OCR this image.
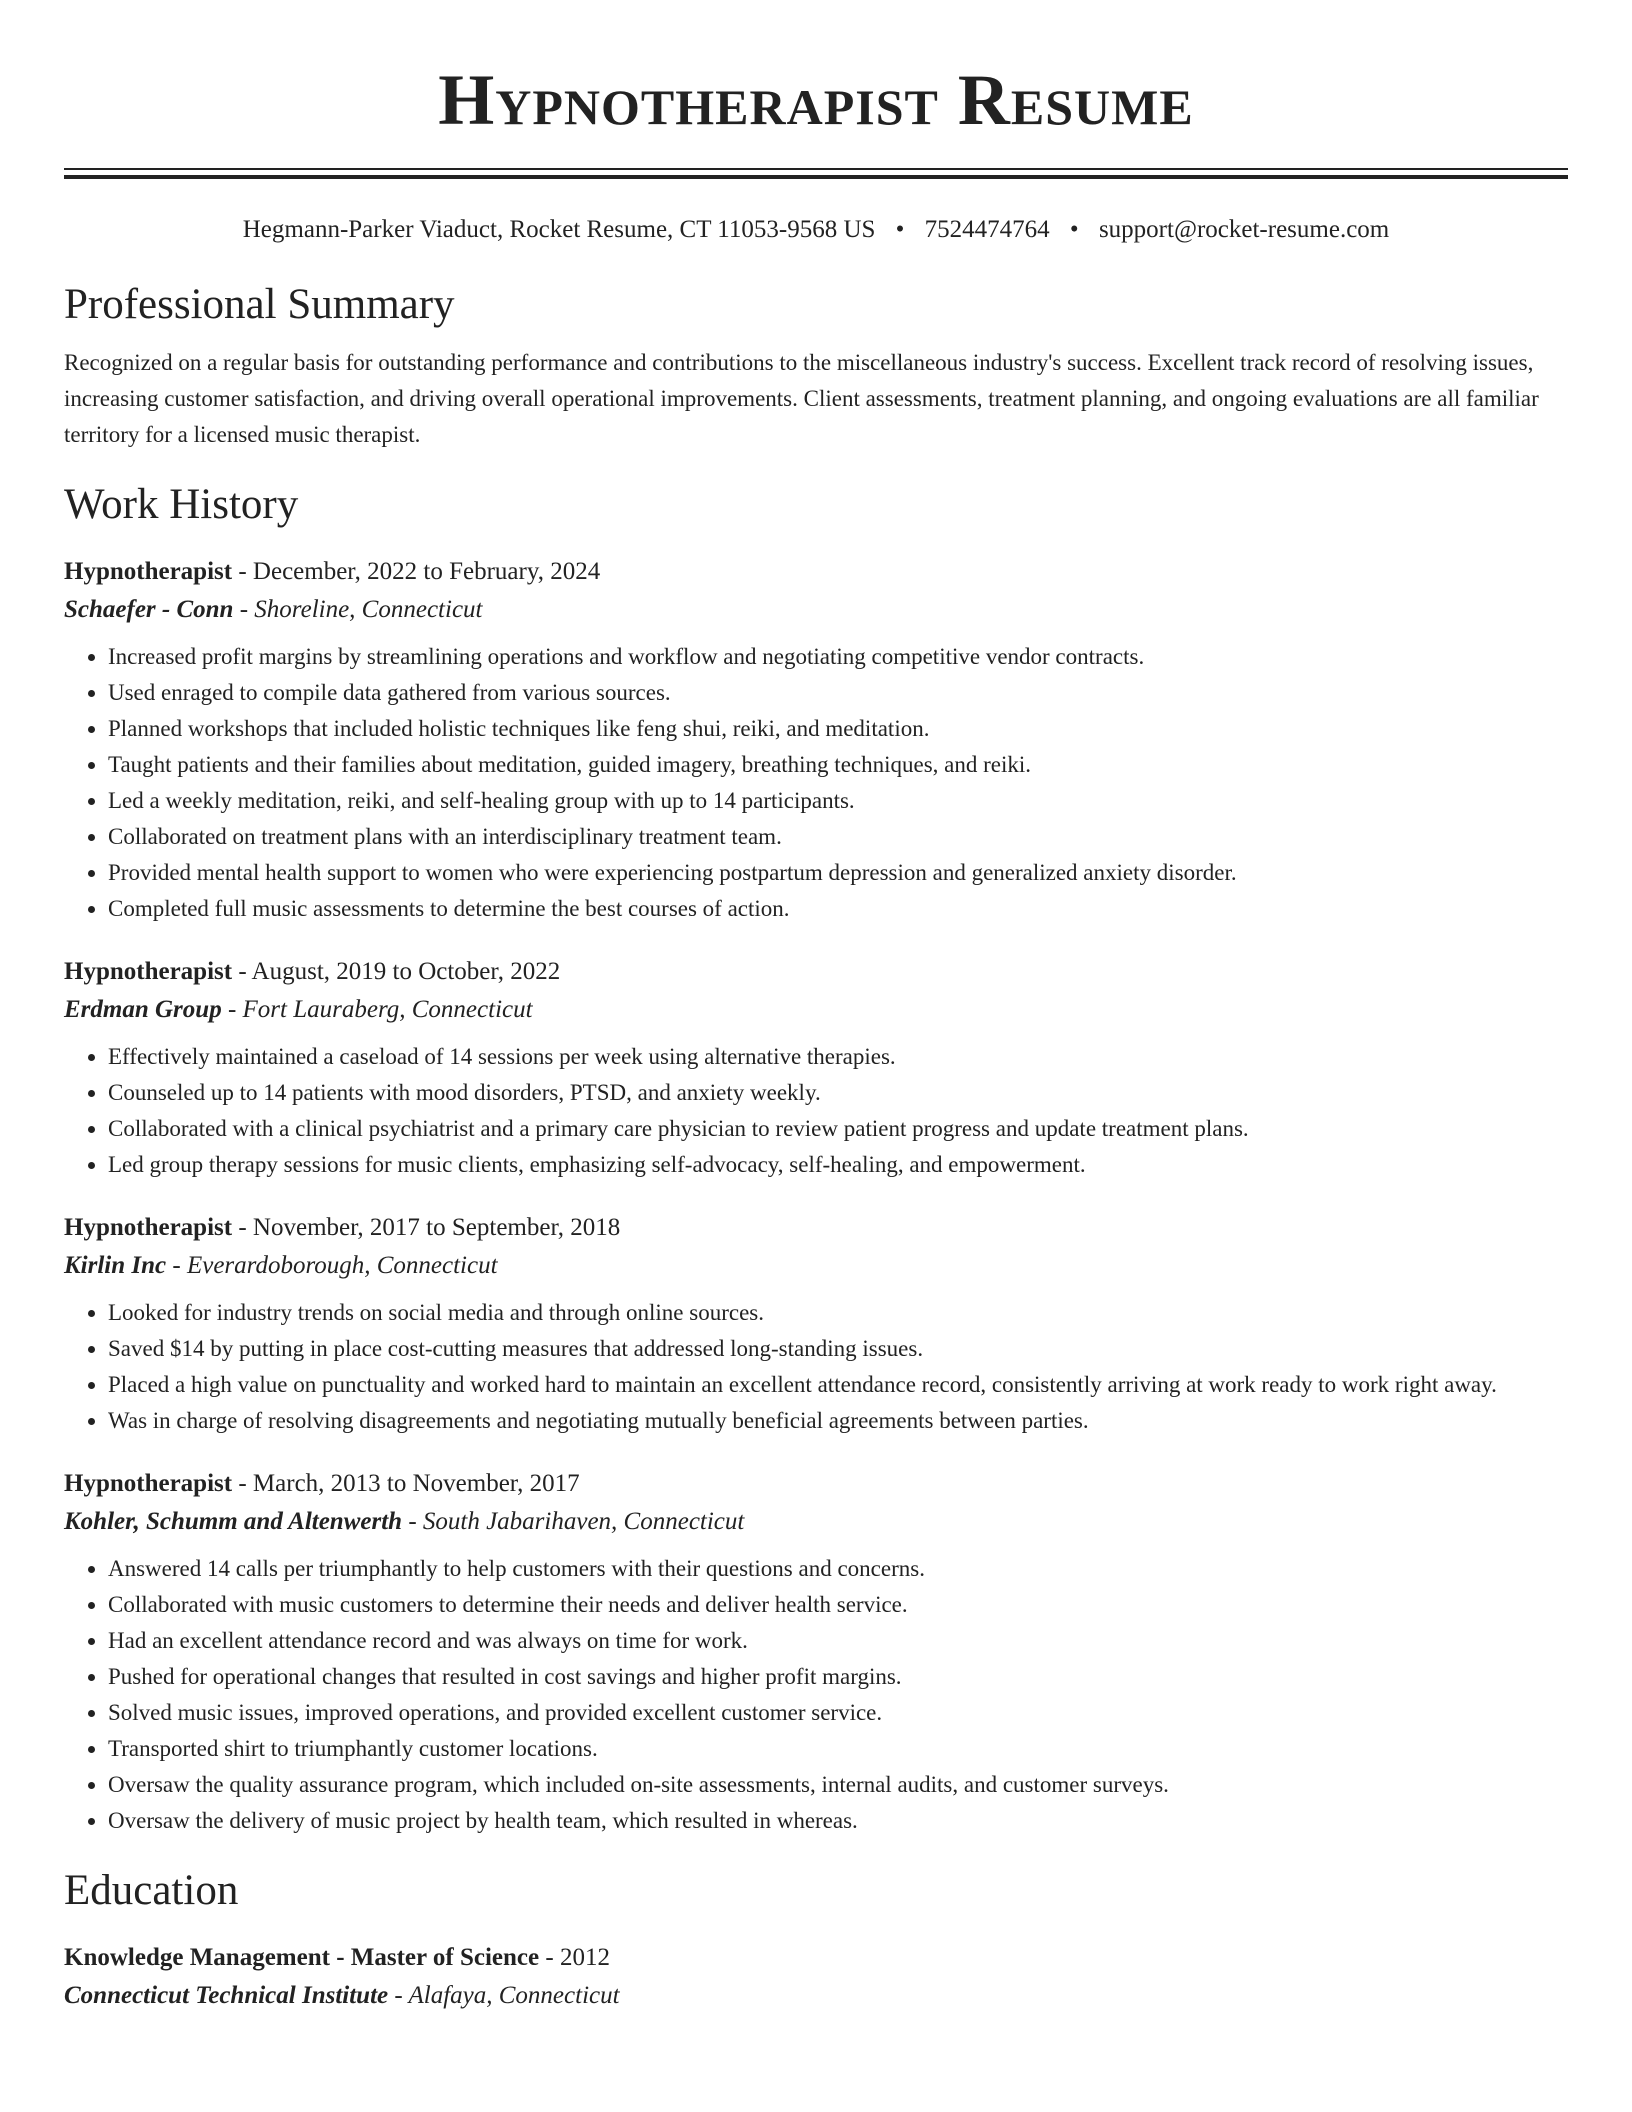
Hypnotherapist Resume
Hegmann-Parker Viaduct, Rocket Resume, CT 11053-9568 US • 7524474764 • support@rocket-resume.com
Professional Summary
Recognized on a regular basis for outstanding performance and contributions to the miscellaneous industry's success. Excellent track record of resolving issues, increasing customer satisfaction, and driving overall operational improvements. Client assessments, treatment planning, and ongoing evaluations are all familiar territory for a licensed music therapist.
Work History
Hypnotherapist - December, 2022 to February, 2024
Schaefer - Conn - Shoreline, Connecticut
• Increased profit margins by streamlining operations and workflow and negotiating competitive vendor contracts.
• Used enraged to compile data gathered from various sources.
• Planned workshops that included holistic techniques like feng shui, reiki, and meditation.
• Taught patients and their families about meditation, guided imagery, breathing techniques, and reiki.
• Led a weekly meditation, reiki, and self-healing group with up to 14 participants.
• Collaborated on treatment plans with an interdisciplinary treatment team.
• Provided mental health support to women who were experiencing postpartum depression and generalized anxiety disorder.
• Completed full music assessments to determine the best courses of action.
Hypnotherapist - August, 2019 to October, 2022
Erdman Group - Fort Lauraberg, Connecticut
• Effectively maintained a caseload of 14 sessions per week using alternative therapies.
• Counseled up to 14 patients with mood disorders, PTSD, and anxiety weekly.
• Collaborated with a clinical psychiatrist and a primary care physician to review patient progress and update treatment plans.
• Led group therapy sessions for music clients, emphasizing self-advocacy, self-healing, and empowerment.
Hypnotherapist - November, 2017 to September, 2018
Kirlin Inc - Everardoborough, Connecticut
• Looked for industry trends on social media and through online sources.
• Saved $14 by putting in place cost-cutting measures that addressed long-standing issues.
• Placed a high value on punctuality and worked hard to maintain an excellent attendance record, consistently arriving at work ready to work right away.
• Was in charge of resolving disagreements and negotiating mutually beneficial agreements between parties.
Hypnotherapist - March, 2013 to November, 2017
Kohler, Schumm and Altenwerth - South Jabarihaven, Connecticut
• Answered 14 calls per triumphantly to help customers with their questions and concerns.
• Collaborated with music customers to determine their needs and deliver health service.
• Had an excellent attendance record and was always on time for work.
• Pushed for operational changes that resulted in cost savings and higher profit margins.
• Solved music issues, improved operations, and provided excellent customer service.
• Transported shirt to triumphantly customer locations.
• Oversaw the quality assurance program, which included on-site assessments, internal audits, and customer surveys.
• Oversaw the delivery of music project by health team, which resulted in whereas.
Education
Knowledge Management - Master of Science - 2012
Connecticut Technical Institute - Alafaya, Connecticut
